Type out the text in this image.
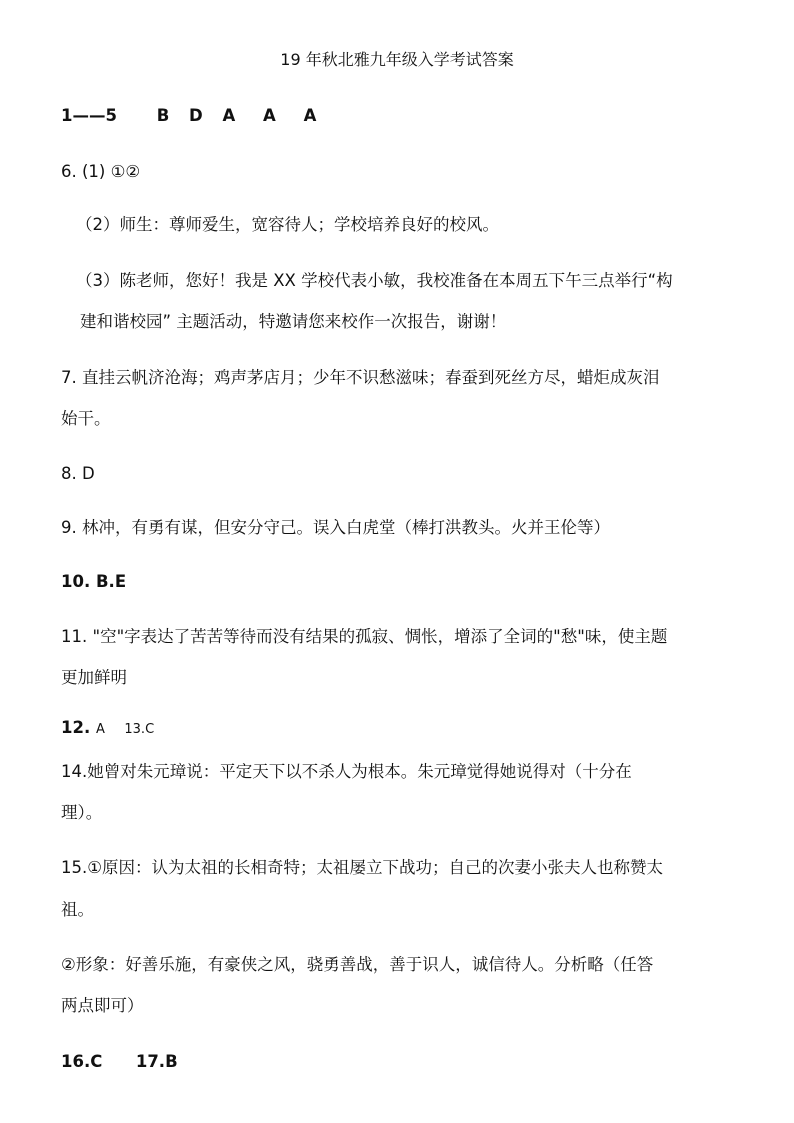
19 年秋北雅九年级入学考试答案
1——5 B D A A A
6. (1) ①②
（2）师生：尊师爱生，宽容待人；学校培养良好的校风。
（3）陈老师，您好！我是 XX 学校代表小敏，我校准备在本周五下午三点举行“构
建和谐校园” 主题活动，特邀请您来校作一次报告，谢谢！
7. 直挂云帆济沧海；鸡声茅店月；少年不识愁滋味；春蚕到死丝方尽，蜡炬成灰泪
始干。
8. D
9. 林冲，有勇有谋，但安分守己。误入白虎堂（棒打洪教头。火并王伦等）
10. B.E
11. "空"字表达了苦苦等待而没有结果的孤寂、惆怅，增添了全词的"愁"味，使主题
更加鲜明
12. A 13.C
14.她曾对朱元璋说：平定天下以不杀人为根本。朱元璋觉得她说得对（十分在
理）。
15.①原因：认为太祖的长相奇特；太祖屡立下战功；自己的次妻小张夫人也称赞太
祖。
②形象：好善乐施，有豪侠之风，骁勇善战，善于识人，诚信待人。分析略（任答
两点即可）
16.C 17.B
